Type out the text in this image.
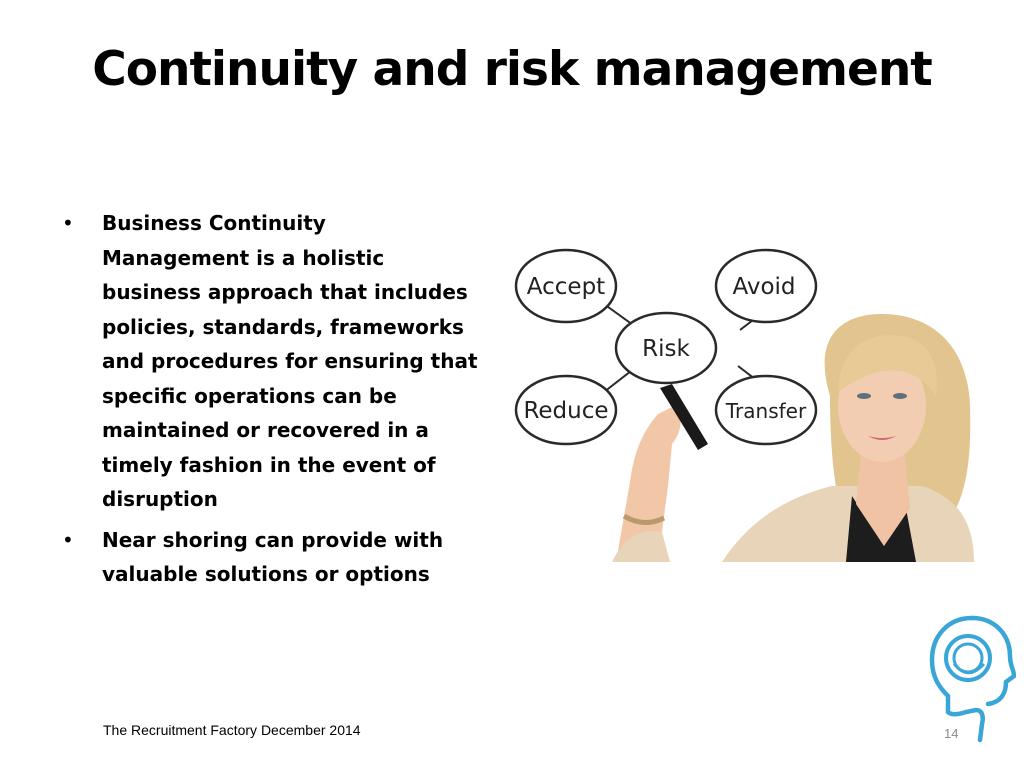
Continuity and risk management
• Business Continuity
Management is a holistic
business approach that includes
policies, standards, frameworks
and procedures for ensuring that
specific operations can be
maintained or recovered in a
timely fashion in the event of
disruption
• Near shoring can provide with
valuable solutions or options
Accept	Avoid
Risk
Reduce	Transfer
The Recruitment Factory December 2014	14
